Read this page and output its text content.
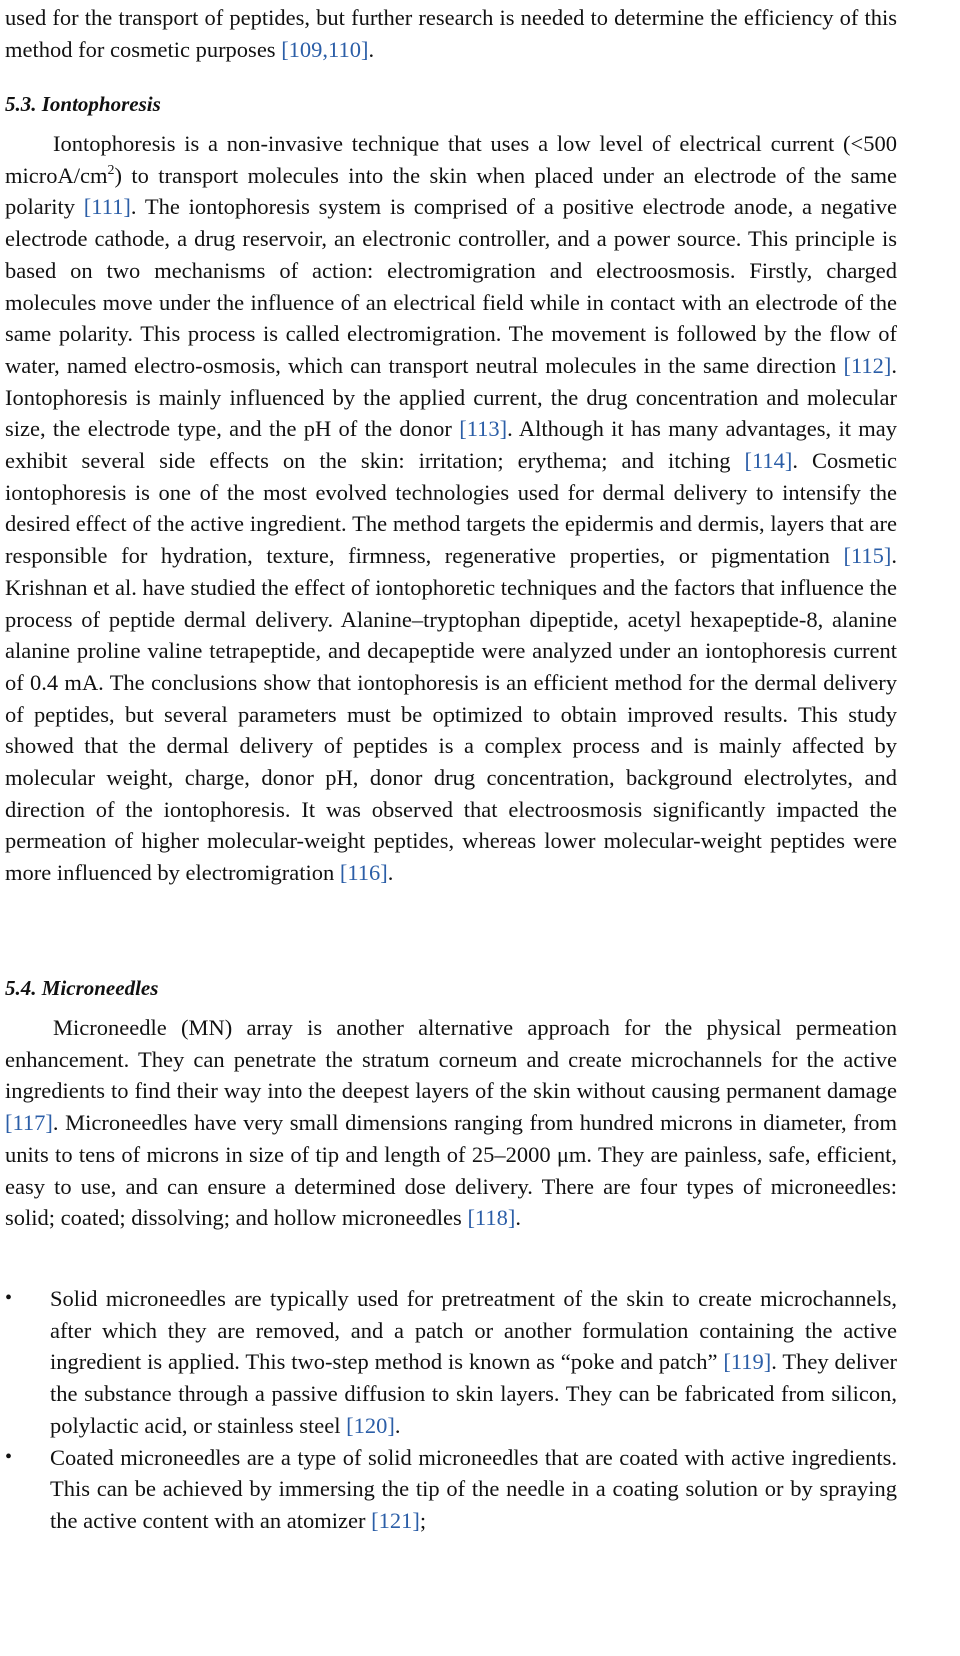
used for the transport of peptides, but further research is needed to determine the efficiency of this method for cosmetic purposes [109,110].

5.3. Iontophoresis

Iontophoresis is a non-invasive technique that uses a low level of electrical current (<500 microA/$cm^2$) to transport molecules into the skin when placed under an electrode of the same polarity [111]. The iontophoresis system is comprised of a positive electrode anode, a negative electrode cathode, a drug reservoir, an electronic controller, and a power source. This principle is based on two mechanisms of action: electromigration and electroosmosis. Firstly, charged molecules move under the influence of an electrical field while in contact with an electrode of the same polarity. This process is called electromigration. The movement is followed by the flow of water, named electro-osmosis, which can transport neutral molecules in the same direction [112]. Iontophoresis is mainly influenced by the applied current, the drug concentration and molecular size, the electrode type, and the pH of the donor [113]. Although it has many advantages, it may exhibit several side effects on the skin: irritation; erythema; and itching [114]. Cosmetic iontophoresis is one of the most evolved technologies used for dermal delivery to intensify the desired effect of the active ingredient. The method targets the epidermis and dermis, layers that are responsible for hydration, texture, firmness, regenerative properties, or pigmentation [115]. Krishnan et al. have studied the effect of iontophoretic techniques and the factors that influence the process of peptide dermal delivery. Alanine–tryptophan dipeptide, acetyl hexapeptide-8, alanine alanine proline valine tetrapeptide, and decapeptide were analyzed under an iontophoresis current of 0.4 mA. The conclusions show that iontophoresis is an efficient method for the dermal delivery of peptides, but several parameters must be optimized to obtain improved results. This study showed that the dermal delivery of peptides is a complex process and is mainly affected by molecular weight, charge, donor pH, donor drug concentration, background electrolytes, and direction of the iontophoresis. It was observed that electroosmosis significantly impacted the permeation of higher molecular-weight peptides, whereas lower molecular-weight peptides were more influenced by electromigration [116].

5.4. Microneedles

Microneedle (MN) array is another alternative approach for the physical permeation enhancement. They can penetrate the stratum corneum and create microchannels for the active ingredients to find their way into the deepest layers of the skin without causing permanent damage [117]. Microneedles have very small dimensions ranging from hundred microns in diameter, from units to tens of microns in size of tip and length of 25–2000 μm. They are painless, safe, efficient, easy to use, and can ensure a determined dose delivery. There are four types of microneedles: solid; coated; dissolving; and hollow microneedles [118].

• Solid microneedles are typically used for pretreatment of the skin to create microchannels, after which they are removed, and a patch or another formulation containing the active ingredient is applied. This two-step method is known as “poke and patch” [119]. They deliver the substance through a passive diffusion to skin layers. They can be fabricated from silicon, polylactic acid, or stainless steel [120].
• Coated microneedles are a type of solid microneedles that are coated with active ingredients. This can be achieved by immersing the tip of the needle in a coating solution or by spraying the active content with an atomizer [121];
